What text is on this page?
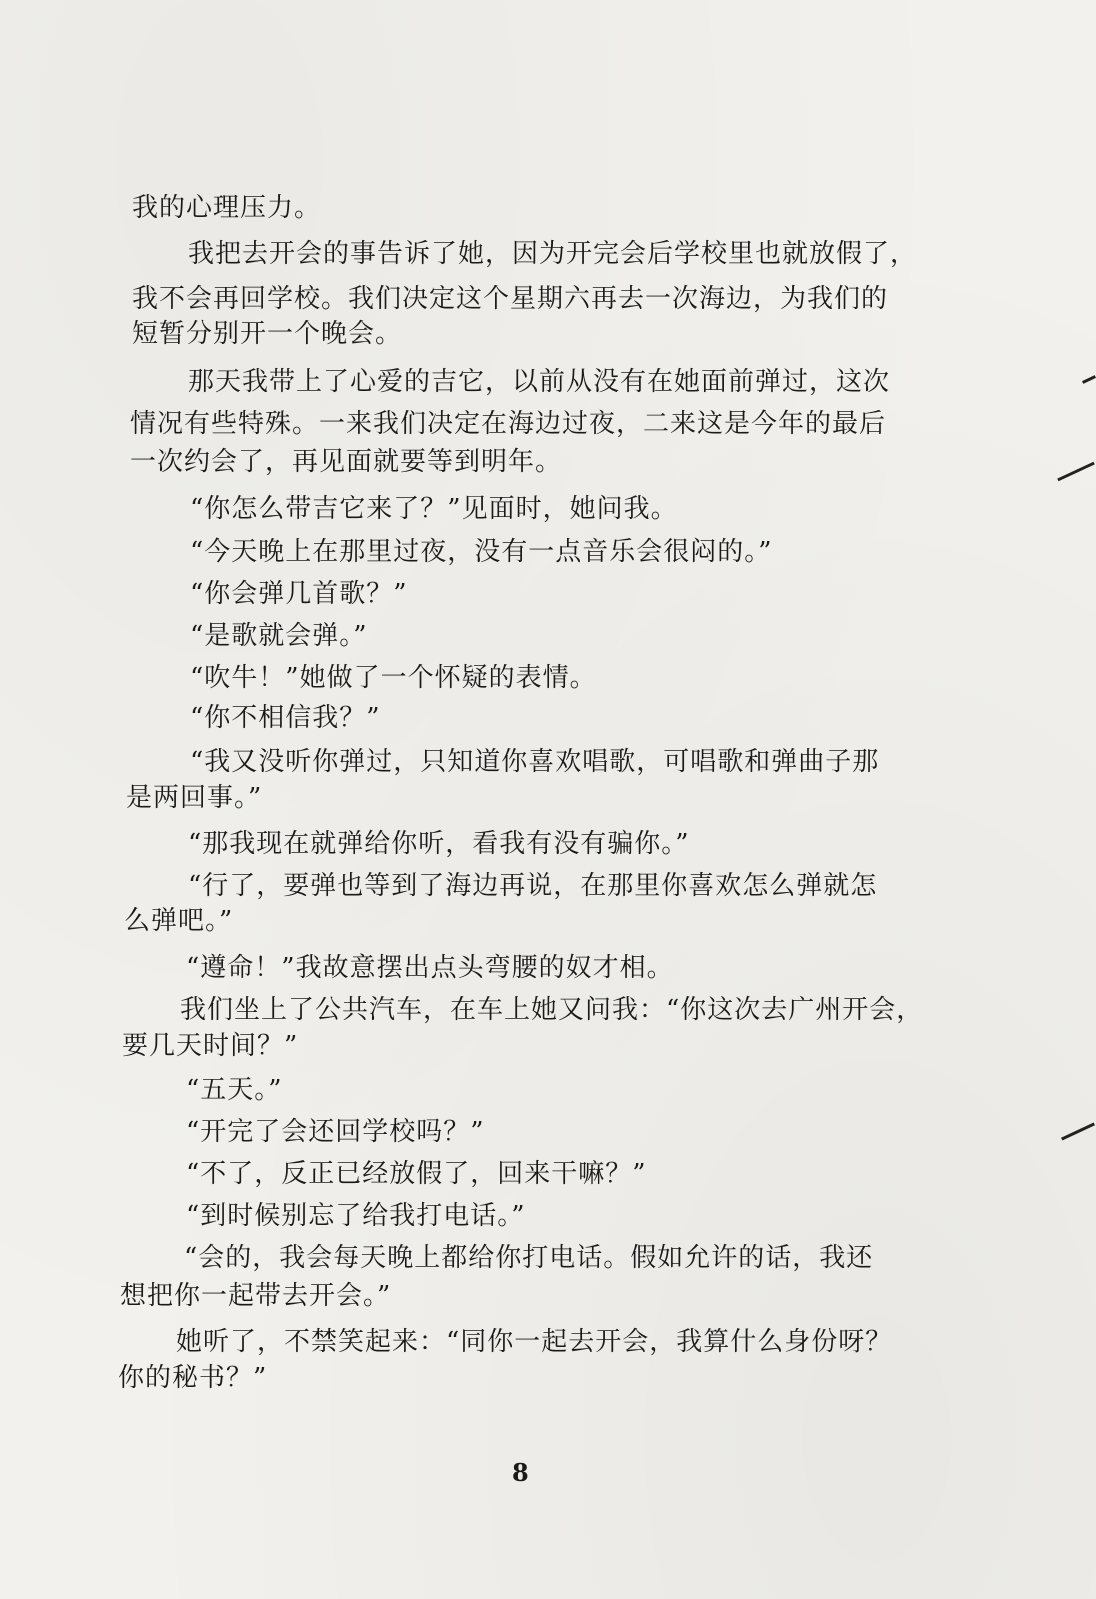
我的心理压力。
我把去开会的事告诉了她，因为开完会后学校里也就放假了，
我不会再回学校。我们决定这个星期六再去一次海边，为我们的
短暂分别开一个晚会。
那天我带上了心爱的吉它，以前从没有在她面前弹过，这次
情况有些特殊。一来我们决定在海边过夜，二来这是今年的最后
一次约会了，再见面就要等到明年。
“你怎么带吉它来了？”见面时，她问我。
“今天晚上在那里过夜，没有一点音乐会很闷的。”
“你会弹几首歌？”
“是歌就会弹。”
“吹牛！”她做了一个怀疑的表情。
“你不相信我？”
“我又没听你弹过，只知道你喜欢唱歌，可唱歌和弹曲子那
是两回事。”
“那我现在就弹给你听，看我有没有骗你。”
“行了，要弹也等到了海边再说，在那里你喜欢怎么弹就怎
么弹吧。”
“遵命！”我故意摆出点头弯腰的奴才相。
我们坐上了公共汽车，在车上她又问我：“你这次去广州开会，
要几天时间？”
“五天。”
“开完了会还回学校吗？”
“不了，反正已经放假了，回来干嘛？”
“到时候别忘了给我打电话。”
“会的，我会每天晚上都给你打电话。假如允许的话，我还
想把你一起带去开会。”
她听了，不禁笑起来：“同你一起去开会，我算什么身份呀？
你的秘书？”
8
